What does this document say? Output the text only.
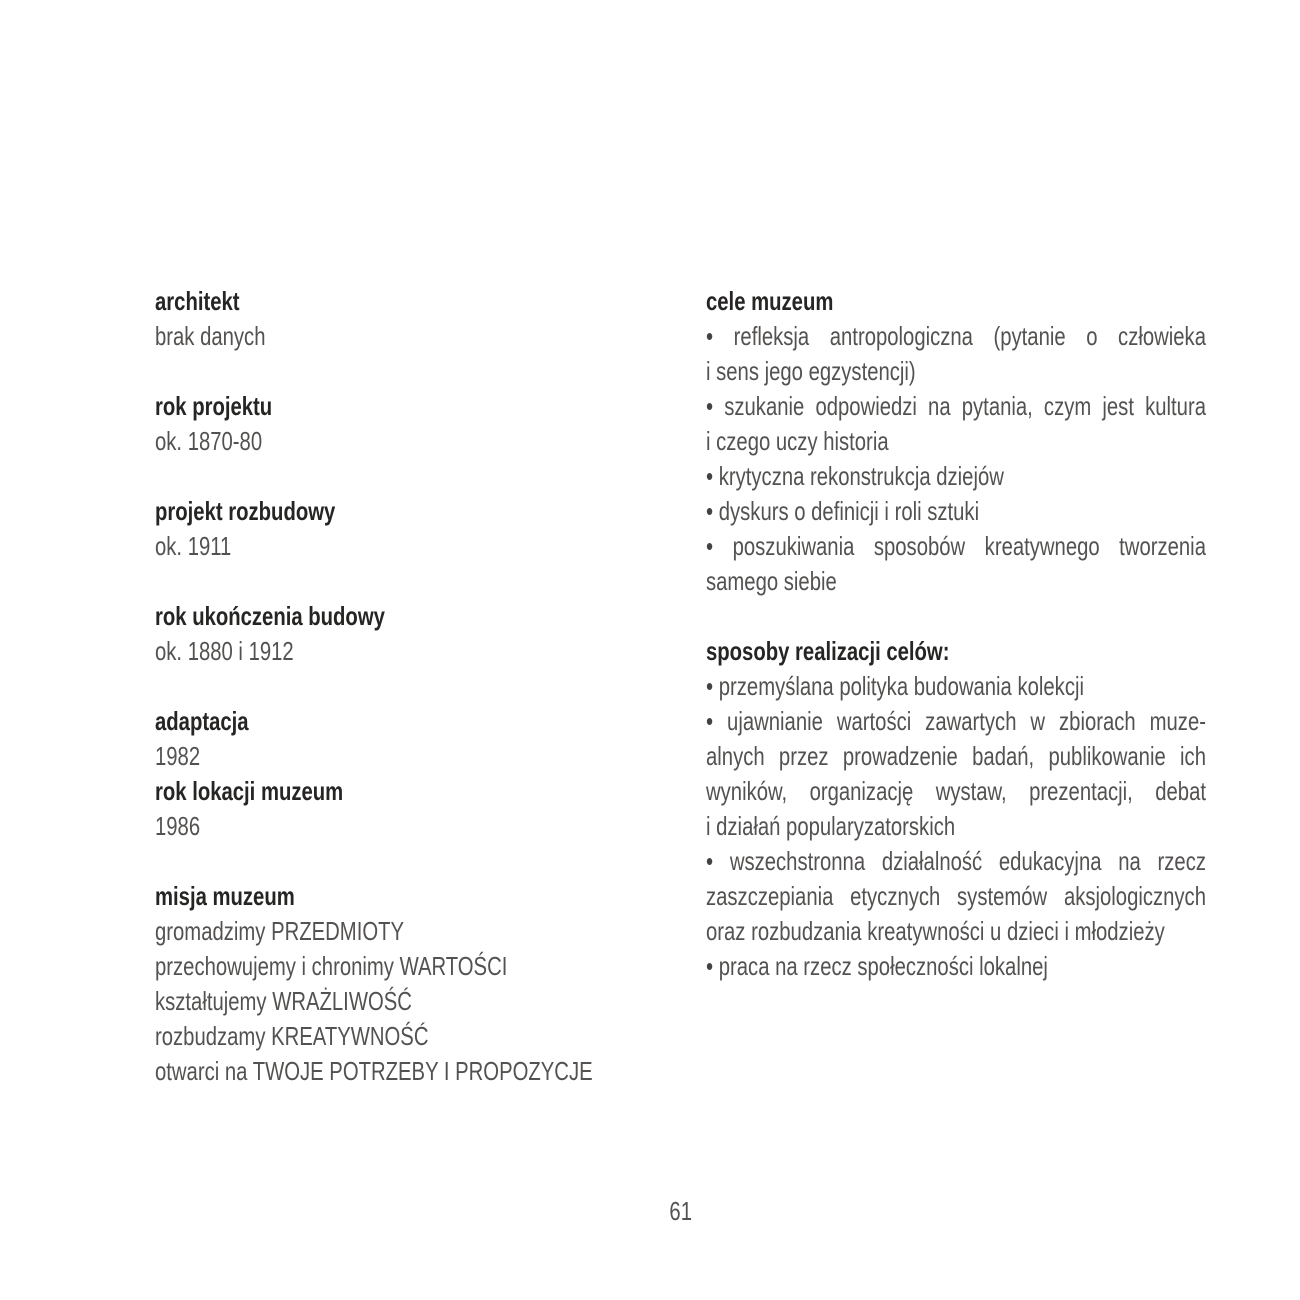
architekt
brak danych
rok projektu
ok. 1870-80
projekt rozbudowy
ok. 1911
rok ukończenia budowy
ok. 1880 i 1912
adaptacja
1982
rok lokacji muzeum
1986
misja muzeum
gromadzimy PRZEDMIOTY
przechowujemy i chronimy WARTOŚCI
kształtujemy WRAŻLIWOŚĆ
rozbudzamy KREATYWNOŚĆ
otwarci na TWOJE POTRZEBY I PROPOZYCJE
cele muzeum
• refleksja antropologiczna (pytanie o człowieka
i sens jego egzystencji)
• szukanie odpowiedzi na pytania, czym jest kultura
i czego uczy historia
• krytyczna rekonstrukcja dziejów
• dyskurs o definicji i roli sztuki
• poszukiwania sposobów kreatywnego tworzenia
samego siebie
sposoby realizacji celów:
• przemyślana polityka budowania kolekcji
• ujawnianie wartości zawartych w zbiorach muze-
alnych przez prowadzenie badań, publikowanie ich
wyników, organizację wystaw, prezentacji, debat
i działań popularyzatorskich
• wszechstronna działalność edukacyjna na rzecz
zaszczepiania etycznych systemów aksjologicznych
oraz rozbudzania kreatywności u dzieci i młodzieży
• praca na rzecz społeczności lokalnej
61
